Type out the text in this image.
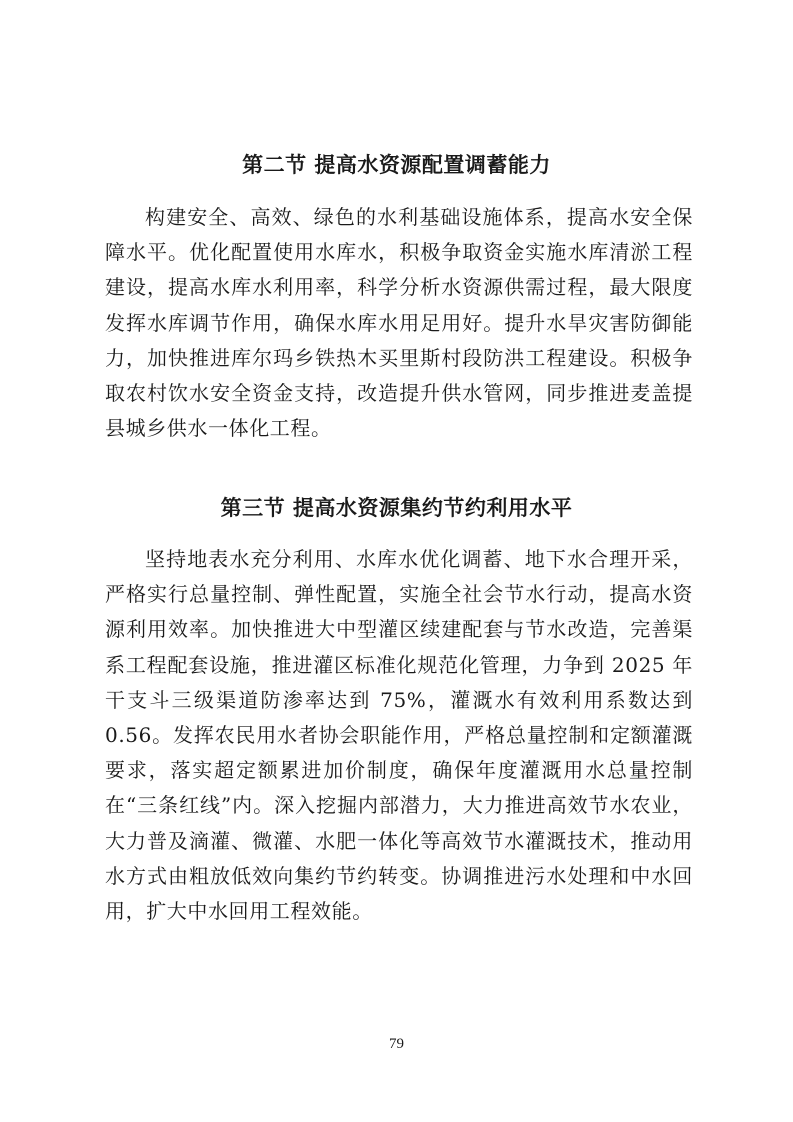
第二节 提高水资源配置调蓄能力

构建安全、高效、绿色的水利基础设施体系，提高水安全保障水平。优化配置使用水库水，积极争取资金实施水库清淤工程建设，提高水库水利用率，科学分析水资源供需过程，最大限度发挥水库调节作用，确保水库水用足用好。提升水旱灾害防御能力，加快推进库尔玛乡铁热木买里斯村段防洪工程建设。积极争取农村饮水安全资金支持，改造提升供水管网，同步推进麦盖提县城乡供水一体化工程。

第三节 提高水资源集约节约利用水平

坚持地表水充分利用、水库水优化调蓄、地下水合理开采，严格实行总量控制、弹性配置，实施全社会节水行动，提高水资源利用效率。加快推进大中型灌区续建配套与节水改造，完善渠系工程配套设施，推进灌区标准化规范化管理，力争到 2025 年干支斗三级渠道防渗率达到 75%，灌溉水有效利用系数达到 0.56。发挥农民用水者协会职能作用，严格总量控制和定额灌溉要求，落实超定额累进加价制度，确保年度灌溉用水总量控制在“三条红线”内。深入挖掘内部潜力，大力推进高效节水农业，大力普及滴灌、微灌、水肥一体化等高效节水灌溉技术，推动用水方式由粗放低效向集约节约转变。协调推进污水处理和中水回用，扩大中水回用工程效能。

79
